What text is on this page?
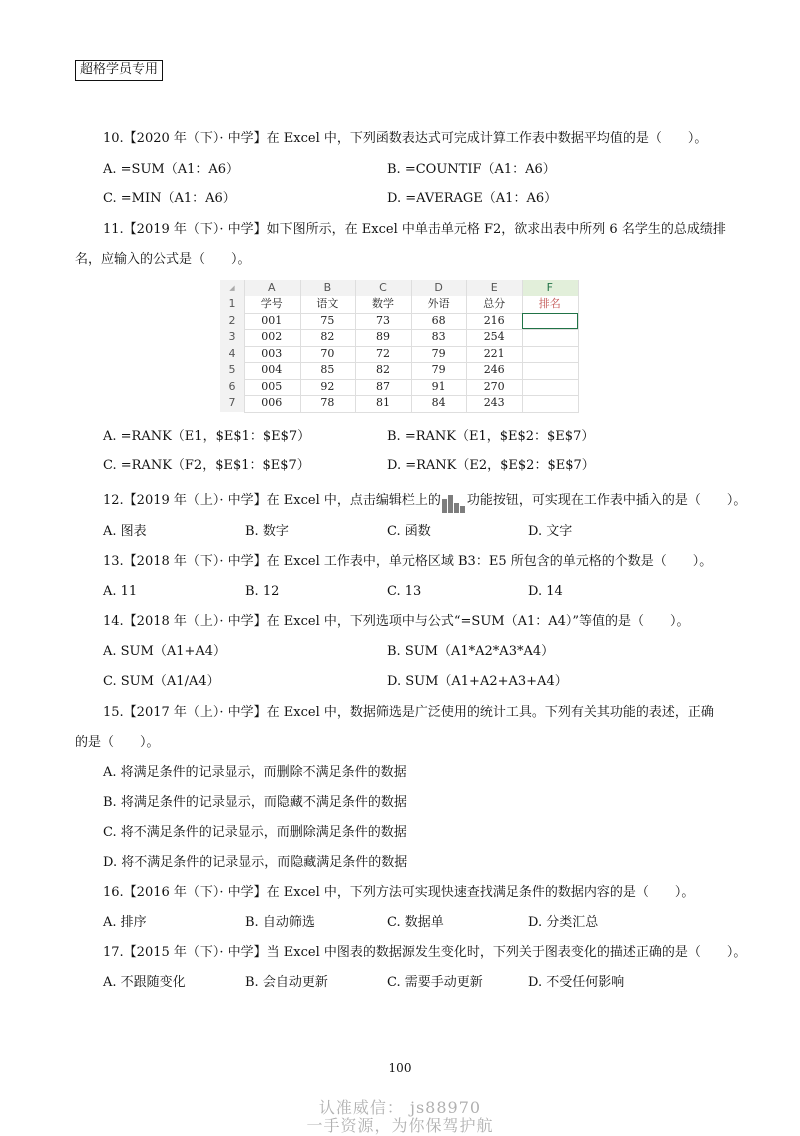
超格学员专用
10.【2020 年（下）· 中学】在 Excel 中，下列函数表达式可完成计算工作表中数据平均值的是（　　）。
A. =SUM（A1：A6）	B. =COUNTIF（A1：A6）
C. =MIN（A1：A6）	D. =AVERAGE（A1：A6）
11.【2019 年（下）· 中学】如下图所示，在 Excel 中单击单元格 F2，欲求出表中所列 6 名学生的总成绩排
名，应输入的公式是（　　）。
◢	A	B	C	D	E	F
1	学号	语文	数学	外语	总分	排名
2	001	75	73	68	216
3	002	82	89	83	254
4	003	70	72	79	221
5	004	85	82	79	246
6	005	92	87	91	270
7	006	78	81	84	243
A. =RANK（E1，$E$1：$E$7）	B. =RANK（E1，$E$2：$E$7）
C. =RANK（F2，$E$1：$E$7）	D. =RANK（E2，$E$2：$E$7）
12.【2019 年（上）· 中学】在 Excel 中，点击编辑栏上的 功能按钮，可实现在工作表中插入的是（　　）。
A. 图表	B. 数字	C. 函数	D. 文字
13.【2018 年（下）· 中学】在 Excel 工作表中，单元格区域 B3：E5 所包含的单元格的个数是（　　）。
A. 11	B. 12	C. 13	D. 14
14.【2018 年（上）· 中学】在 Excel 中，下列选项中与公式“=SUM（A1：A4）”等值的是（　　）。
A. SUM（A1+A4）	B. SUM（A1*A2*A3*A4）
C. SUM（A1/A4）	D. SUM（A1+A2+A3+A4）
15.【2017 年（上）· 中学】在 Excel 中，数据筛选是广泛使用的统计工具。下列有关其功能的表述，正确
的是（　　）。
A. 将满足条件的记录显示，而删除不满足条件的数据
B. 将满足条件的记录显示，而隐藏不满足条件的数据
C. 将不满足条件的记录显示，而删除满足条件的数据
D. 将不满足条件的记录显示，而隐藏满足条件的数据
16.【2016 年（下）· 中学】在 Excel 中，下列方法可实现快速查找满足条件的数据内容的是（　　）。
A. 排序	B. 自动筛选	C. 数据单	D. 分类汇总
17.【2015 年（下）· 中学】当 Excel 中图表的数据源发生变化时，下列关于图表变化的描述正确的是（　　）。
A. 不跟随变化	B. 会自动更新	C. 需要手动更新	D. 不受任何影响
100
认准威信： js88970
一手资源，为你保驾护航
